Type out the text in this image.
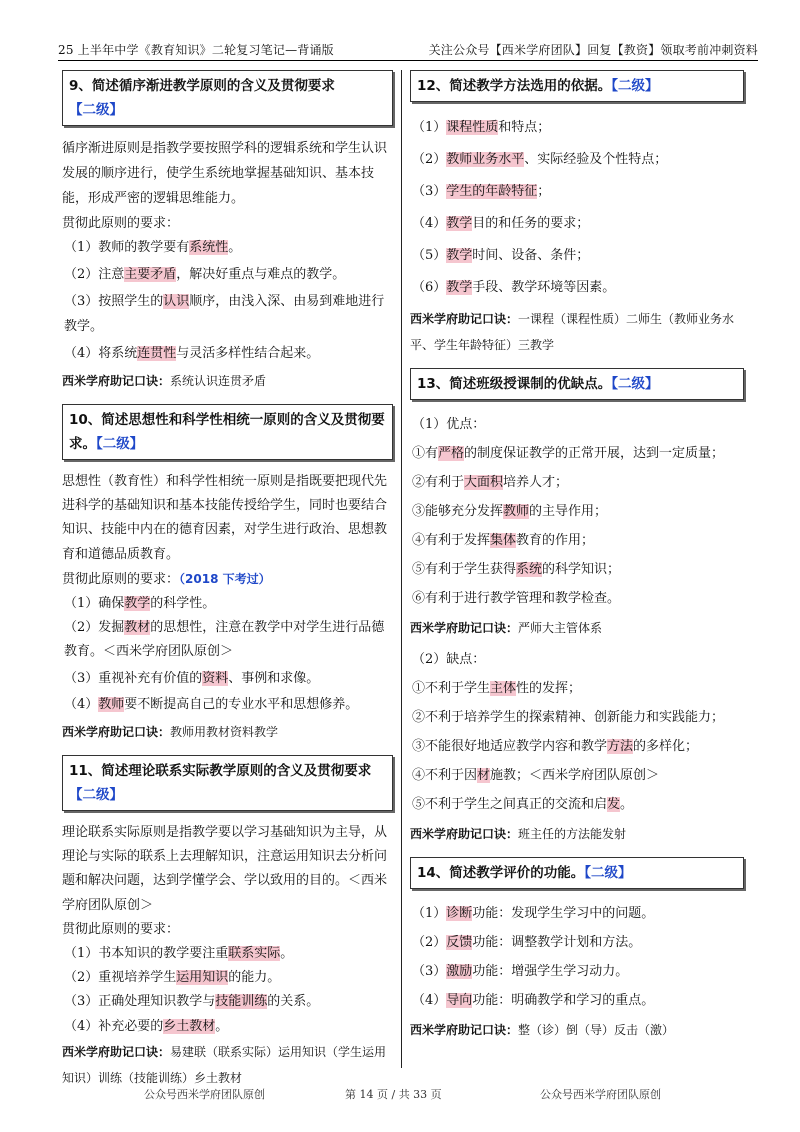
25 上半年中学《教育知识》二轮复习笔记—背诵版	关注公众号【西米学府团队】回复【教资】领取考前冲刺资料
9、简述循序渐进教学原则的含义及贯彻要求【二级】

循序渐进原则是指教学要按照学科的逻辑系统和学生认识发展的顺序进行，使学生系统地掌握基础知识、基本技能，形成严密的逻辑思维能力。

贯彻此原则的要求：

（1）教师的教学要有系统性。

（2）注意主要矛盾，解决好重点与难点的教学。

（3）按照学生的认识顺序，由浅入深、由易到难地进行教学。

（4）将系统连贯性与灵活多样性结合起来。

西米学府助记口诀：系统认识连贯矛盾

10、简述思想性和科学性相统一原则的含义及贯彻要求。【二级】

思想性（教育性）和科学性相统一原则是指既要把现代先进科学的基础知识和基本技能传授给学生，同时也要结合知识、技能中内在的德育因素，对学生进行政治、思想教育和道德品质教育。

贯彻此原则的要求：（2018 下考过）

（1）确保教学的科学性。

（2）发掘教材的思想性，注意在教学中对学生进行品德教育。＜西米学府团队原创＞

（3）重视补充有价值的资料、事例和求像。

（4）教师要不断提高自己的专业水平和思想修养。

西米学府助记口诀：教师用教材资料教学

11、简述理论联系实际教学原则的含义及贯彻要求
【二级】

理论联系实际原则是指教学要以学习基础知识为主导，从理论与实际的联系上去理解知识，注意运用知识去分析问题和解决问题，达到学懂学会、学以致用的目的。＜西米学府团队原创＞

贯彻此原则的要求：

（1）书本知识的教学要注重联系实际。

（2）重视培养学生运用知识的能力。

（3）正确处理知识教学与技能训练的关系。

（4）补充必要的乡土教材。

西米学府助记口诀：易建联（联系实际）运用知识（学生运用知识）训练（技能训练）乡土教材

12、简述教学方法选用的依据。【二级】

（1）课程性质和特点；

（2）教师业务水平、实际经验及个性特点；

（3）学生的年龄特征；

（4）教学目的和任务的要求；

（5）教学时间、设备、条件；

（6）教学手段、教学环境等因素。

西米学府助记口诀：一课程（课程性质）二师生（教师业务水平、学生年龄特征）三教学

13、简述班级授课制的优缺点。【二级】

（1）优点：

①有严格的制度保证教学的正常开展，达到一定质量；

②有利于大面积培养人才；

③能够充分发挥教师的主导作用；

④有利于发挥集体教育的作用；

⑤有利于学生获得系统的科学知识；

⑥有利于进行教学管理和教学检查。

西米学府助记口诀：严师大主管体系

（2）缺点：

①不利于学生主体性的发挥；

②不利于培养学生的探索精神、创新能力和实践能力；

③不能很好地适应教学内容和教学方法的多样化；

④不利于因材施教；＜西米学府团队原创＞

⑤不利于学生之间真正的交流和启发。

西米学府助记口诀：班主任的方法能发射

14、简述教学评价的功能。【二级】

（1）诊断功能：发现学生学习中的问题。

（2）反馈功能：调整教学计划和方法。

（3）激励功能：增强学生学习动力。

（4）导向功能：明确教学和学习的重点。

西米学府助记口诀：整（诊）倒（导）反击（激）

公众号西米学府团队原创	第 14 页 / 共 33 页	公众号西米学府团队原创
